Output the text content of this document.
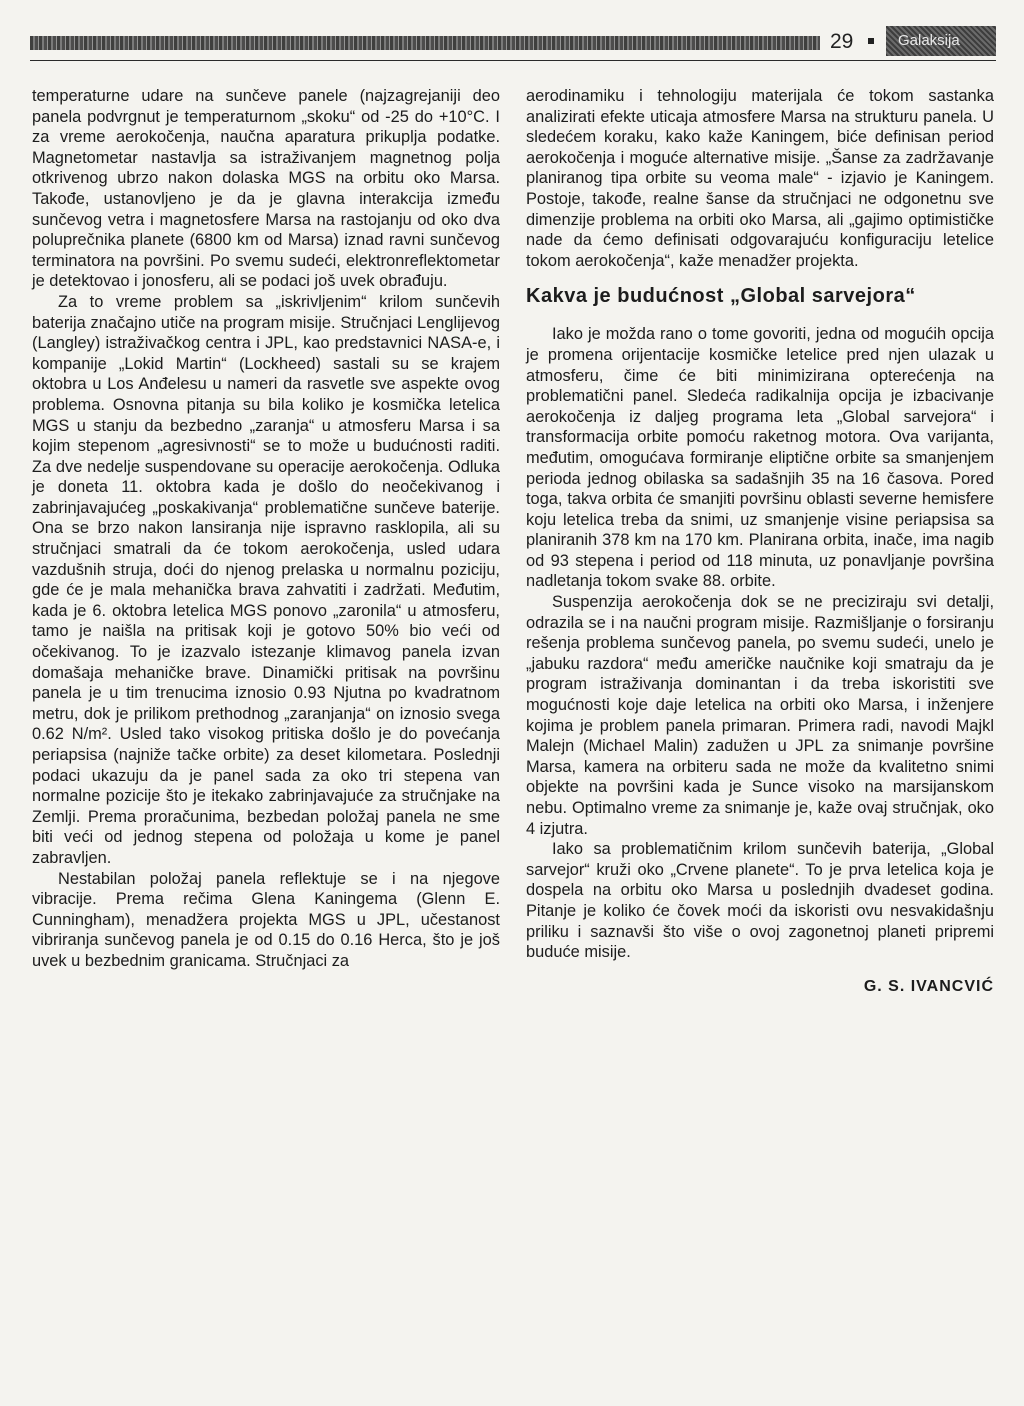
29	Galaksija

temperaturne udare na sunčeve panele (najzagrejaniji deo panela podvrgnut je temperaturnom „skoku“ od -25 do +10°C. I za vreme aerokočenja, naučna aparatura prikuplja podatke. Magnetometar nastavlja sa istraživanjem magnetnog polja otkrivenog ubrzo nakon dolaska MGS na orbitu oko Marsa. Takođe, ustanovljeno je da je glavna interakcija između sunčevog vetra i magnetosfere Marsa na rastojanju od oko dva poluprečnika planete (6800 km od Marsa) iznad ravni sunčevog terminatora na površini. Po svemu sudeći, elektronreflektometar je detektovao i jonosferu, ali se podaci još uvek obrađuju.

Za to vreme problem sa „iskrivljenim“ krilom sunčevih baterija značajno utiče na program misije. Stručnjaci Lenglijevog (Langley) istraživačkog centra i JPL, kao predstavnici NASA-e, i kompanije „Lokid Martin“ (Lockheed) sastali su se krajem oktobra u Los Anđelesu u nameri da rasvetle sve aspekte ovog problema. Osnovna pitanja su bila koliko je kosmička letelica MGS u stanju da bezbedno „zaranja“ u atmosferu Marsa i sa kojim stepenom „agresivnosti“ se to može u budućnosti raditi. Za dve nedelje suspendovane su operacije aerokočenja. Odluka je doneta 11. oktobra kada je došlo do neočekivanog i zabrinjavajućeg „poskakivanja“ problematične sunčeve baterije. Ona se brzo nakon lansiranja nije ispravno rasklopila, ali su stručnjaci smatrali da će tokom aerokočenja, usled udara vazdušnih struja, doći do njenog prelaska u normalnu poziciju, gde će je mala mehanička brava zahvatiti i zadržati. Međutim, kada je 6. oktobra letelica MGS ponovo „zaronila“ u atmosferu, tamo je naišla na pritisak koji je gotovo 50% bio veći od očekivanog. To je izazvalo istezanje klimavog panela izvan domašaja mehaničke brave. Dinamički pritisak na površinu panela je u tim trenucima iznosio 0.93 Njutna po kvadratnom metru, dok je prilikom prethodnog „zaranjanja“ on iznosio svega 0.62 N/m². Usled tako visokog pritiska došlo je do povećanja periapsisa (najniže tačke orbite) za deset kilometara. Poslednji podaci ukazuju da je panel sada za oko tri stepena van normalne pozicije što je itekako zabrinjavajuće za stručnjake na Zemlji. Prema proračunima, bezbedan položaj panela ne sme biti veći od jednog stepena od položaja u kome je panel zabravljen.

Nestabilan položaj panela reflektuje se i na njegove vibracije. Prema rečima Glena Kaningema (Glenn E. Cunningham), menadžera projekta MGS u JPL, učestanost vibriranja sunčevog panela je od 0.15 do 0.16 Herca, što je još uvek u bezbednim granicama. Stručnjaci za

aerodinamiku i tehnologiju materijala će tokom sastanka analizirati efekte uticaja atmosfere Marsa na strukturu panela. U sledećem koraku, kako kaže Kaningem, biće definisan period aerokočenja i moguće alternative misije. „Šanse za zadržavanje planiranog tipa orbite su veoma male“ - izjavio je Kaningem. Postoje, takođe, realne šanse da stručnjaci ne odgonetnu sve dimenzije problema na orbiti oko Marsa, ali „gajimo optimističke nade da ćemo definisati odgovarajuću konfiguraciju letelice tokom aerokočenja“, kaže menadžer projekta.

Kakva je budućnost „Global sarvejora“

Iako je možda rano o tome govoriti, jedna od mogućih opcija je promena orijentacije kosmičke letelice pred njen ulazak u atmosferu, čime će biti minimizirana opterećenja na problematični panel. Sledeća radikalnija opcija je izbacivanje aerokočenja iz daljeg programa leta „Global sarvejora“ i transformacija orbite pomoću raketnog motora. Ova varijanta, međutim, omogućava formiranje eliptične orbite sa smanjenjem perioda jednog obilaska sa sadašnjih 35 na 16 časova. Pored toga, takva orbita će smanjiti površinu oblasti severne hemisfere koju letelica treba da snimi, uz smanjenje visine periapsisa sa planiranih 378 km na 170 km. Planirana orbita, inače, ima nagib od 93 stepena i period od 118 minuta, uz ponavljanje površina nadletanja tokom svake 88. orbite.

Suspenzija aerokočenja dok se ne preciziraju svi detalji, odrazila se i na naučni program misije. Razmišljanje o forsiranju rešenja problema sunčevog panela, po svemu sudeći, unelo je „jabuku razdora“ među američke naučnike koji smatraju da je program istraživanja dominantan i da treba iskoristiti sve mogućnosti koje daje letelica na orbiti oko Marsa, i inženjere kojima je problem panela primaran. Primera radi, navodi Majkl Malejn (Michael Malin) zadužen u JPL za snimanje površine Marsa, kamera na orbiteru sada ne može da kvalitetno snimi objekte na površini kada je Sunce visoko na marsijanskom nebu. Optimalno vreme za snimanje je, kaže ovaj stručnjak, oko 4 izjutra.

Iako sa problematičnim krilom sunčevih baterija, „Global sarvejor“ kruži oko „Crvene planete“. To je prva letelica koja je dospela na orbitu oko Marsa u poslednjih dvadeset godina. Pitanje je koliko će čovek moći da iskoristi ovu nesvakidašnju priliku i saznavši što više o ovoj zagonetnoj planeti pripremi buduće misije.

G. S. IVANCVIĆ
